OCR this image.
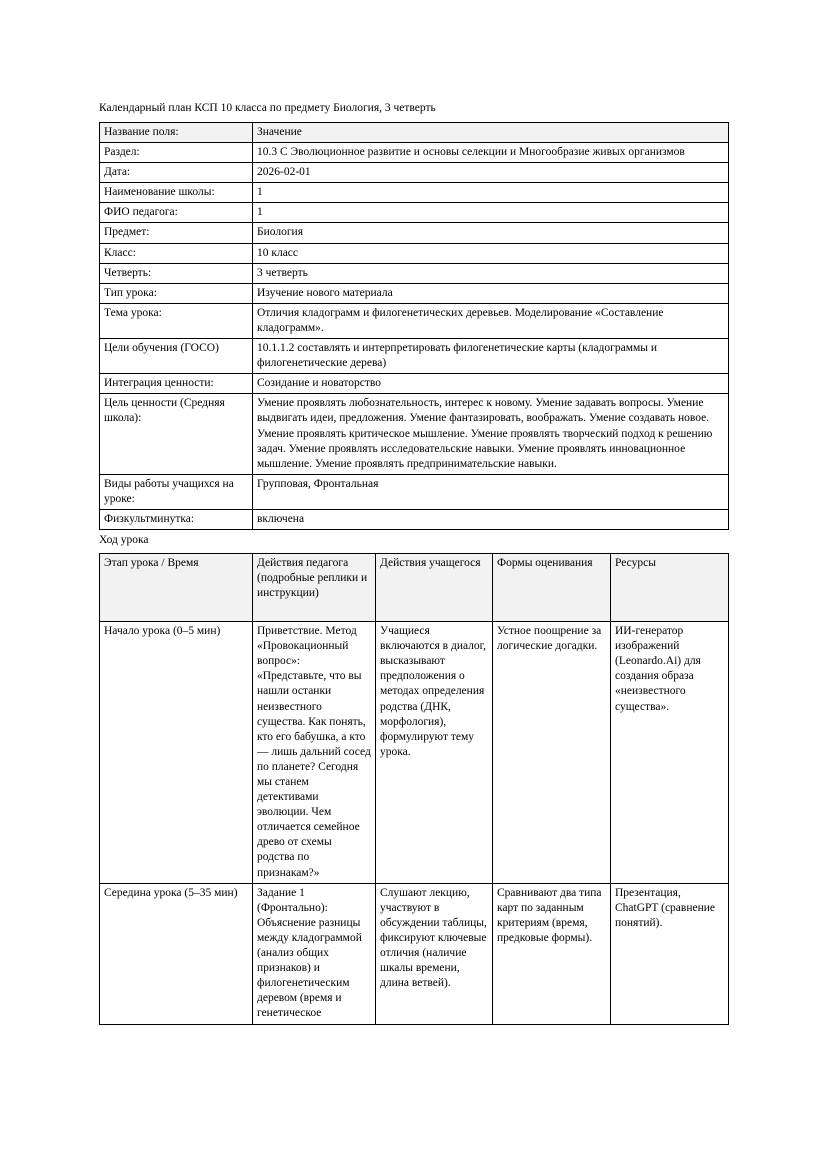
Календарный план КСП 10 класса по предмету Биология, 3 четверть

Название поля:	Значение
Раздел:	10.3 C Эволюционное развитие и основы селекции и Многообразие живых организмов
Дата:	2026-02-01
Наименование школы:	1
ФИО педагога:	1
Предмет:	Биология
Класс:	10 класс
Четверть:	3 четверть
Тип урока:	Изучение нового материала
Тема урока:	Отличия кладограмм и филогенетических деревьев. Моделирование «Составление кладограмм».
Цели обучения (ГОСО)	10.1.1.2 составлять и интерпретировать филогенетические карты (кладограммы и филогенетические дерева)
Интеграция ценности:	Созидание и новаторство
Цель ценности (Средняя школа):	Умение проявлять любознательность, интерес к новому. Умение задавать вопросы. Умение выдвигать идеи, предложения. Умение фантазировать, воображать. Умение создавать новое. Умение проявлять критическое мышление. Умение проявлять творческий подход к решению задач. Умение проявлять исследовательские навыки. Умение проявлять инновационное мышление. Умение проявлять предпринимательские навыки.
Виды работы учащихся на уроке:	Групповая, Фронтальная
Физкультминутка:	включена

Ход урока

Этап урока / Время	Действия педагога (подробные реплики и инструкции)	Действия учащегося	Формы оценивания	Ресурсы
Начало урока (0–5 мин)	Приветствие. Метод «Провокационный вопрос»: «Представьте, что вы нашли останки неизвестного существа. Как понять, кто его бабушка, а кто — лишь дальний сосед по планете? Сегодня мы станем детективами эволюции. Чем отличается семейное древо от схемы родства по признакам?»	Учащиеся включаются в диалог, высказывают предположения о методах определения родства (ДНК, морфология), формулируют тему урока.	Устное поощрение за логические догадки.	ИИ-генератор изображений (Leonardo.Ai) для создания образа «неизвестного существа».
Середина урока (5–35 мин)	Задание 1 (Фронтально): Объяснение разницы между кладограммой (анализ общих признаков) и филогенетическим деревом (время и генетическое	Слушают лекцию, участвуют в обсуждении таблицы, фиксируют ключевые отличия (наличие шкалы времени, длина ветвей).	Сравнивают два типа карт по заданным критериям (время, предковые формы).	Презентация, ChatGPT (сравнение понятий).
